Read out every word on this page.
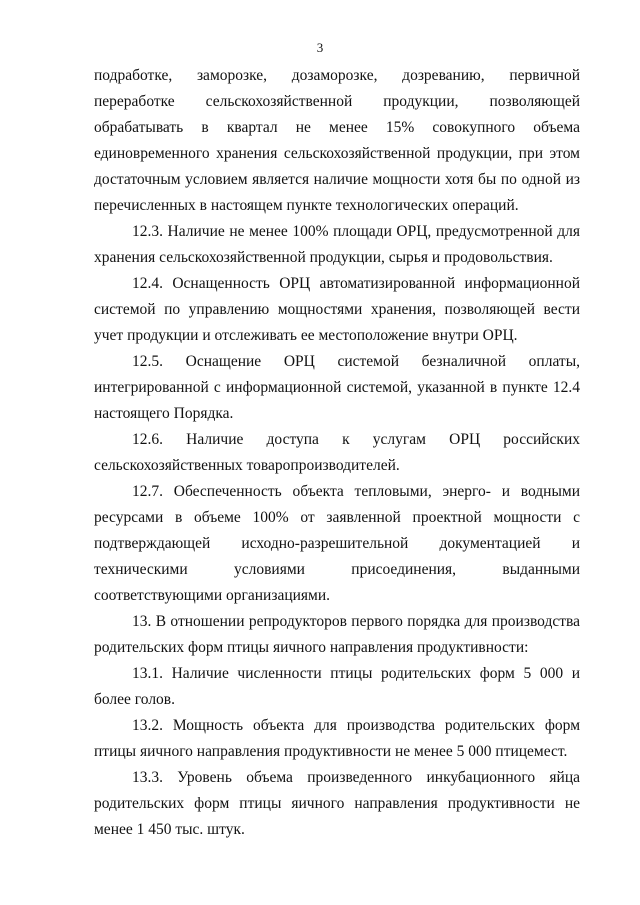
3

подработке, заморозке, дозаморозке, дозреванию, первичной переработке сельскохозяйственной продукции, позволяющей обрабатывать в квартал не менее 15% совокупного объема единовременного хранения сельскохозяйственной продукции, при этом достаточным условием является наличие мощности хотя бы по одной из перечисленных в настоящем пункте технологических операций.

12.3. Наличие не менее 100% площади ОРЦ, предусмотренной для хранения сельскохозяйственной продукции, сырья и продовольствия.

12.4. Оснащенность ОРЦ автоматизированной информационной системой по управлению мощностями хранения, позволяющей вести учет продукции и отслеживать ее местоположение внутри ОРЦ.

12.5. Оснащение ОРЦ системой безналичной оплаты, интегрированной с информационной системой, указанной в пункте 12.4 настоящего Порядка.

12.6. Наличие доступа к услугам ОРЦ российских сельскохозяйственных товаропроизводителей.

12.7. Обеспеченность объекта тепловыми, энерго- и водными ресурсами в объеме 100% от заявленной проектной мощности с подтверждающей исходно-разрешительной документацией и техническими условиями присоединения, выданными соответствующими организациями.

13. В отношении репродукторов первого порядка для производства родительских форм птицы яичного направления продуктивности:

13.1. Наличие численности птицы родительских форм 5 000 и более голов.

13.2. Мощность объекта для производства родительских форм птицы яичного направления продуктивности не менее 5 000 птицемест.

13.3. Уровень объема произведенного инкубационного яйца родительских форм птицы яичного направления продуктивности не менее 1 450 тыс. штук.
